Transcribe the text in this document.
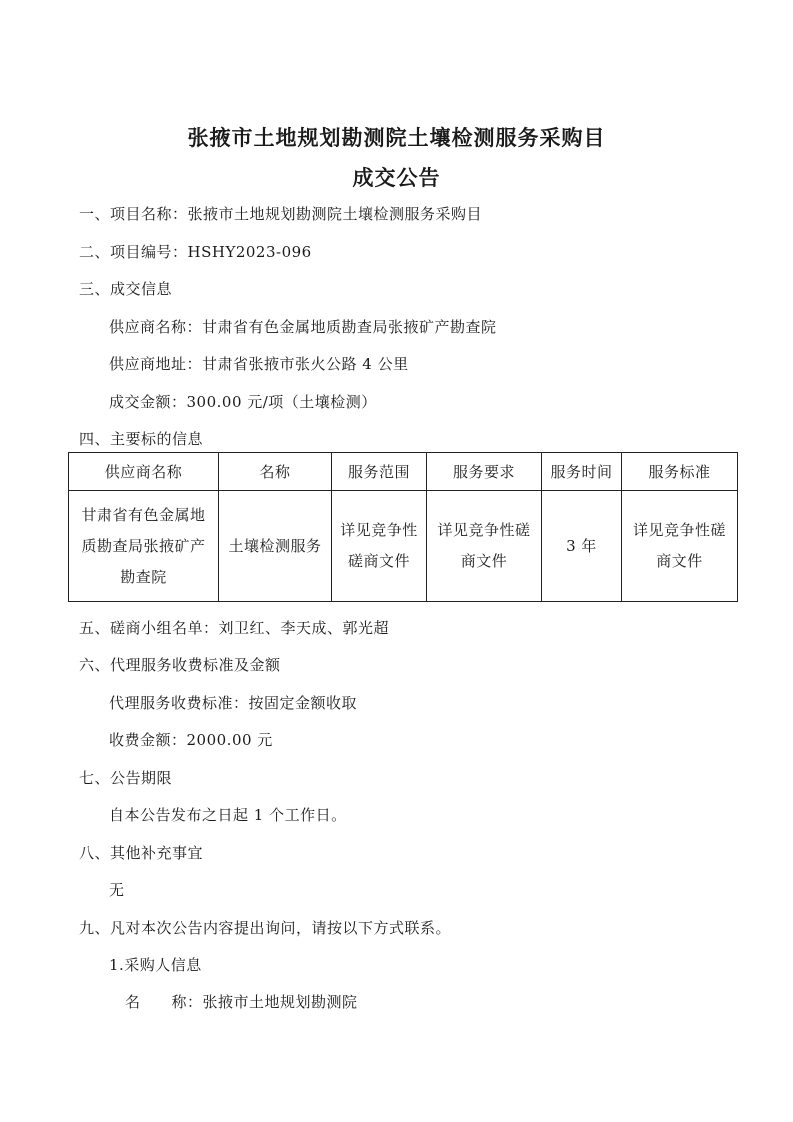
张掖市土地规划勘测院土壤检测服务采购目
成交公告
一、项目名称：张掖市土地规划勘测院土壤检测服务采购目
二、项目编号：HSHY2023-096
三、成交信息
供应商名称：甘肃省有色金属地质勘查局张掖矿产勘查院
供应商地址：甘肃省张掖市张火公路 4 公里
成交金额：300.00 元/项（土壤检测）
四、主要标的信息
供应商名称	名称	服务范围	服务要求	服务时间	服务标准
甘肃省有色金属地质勘查局张掖矿产勘查院	土壤检测服务	详见竞争性磋商文件	详见竞争性磋商文件	3 年	详见竞争性磋商文件
五、磋商小组名单：刘卫红、李天成、郭光超
六、代理服务收费标准及金额
代理服务收费标准：按固定金额收取
收费金额：2000.00 元
七、公告期限
自本公告发布之日起 1 个工作日。
八、其他补充事宜
无
九、凡对本次公告内容提出询问，请按以下方式联系。
1.采购人信息
名　　称：张掖市土地规划勘测院
